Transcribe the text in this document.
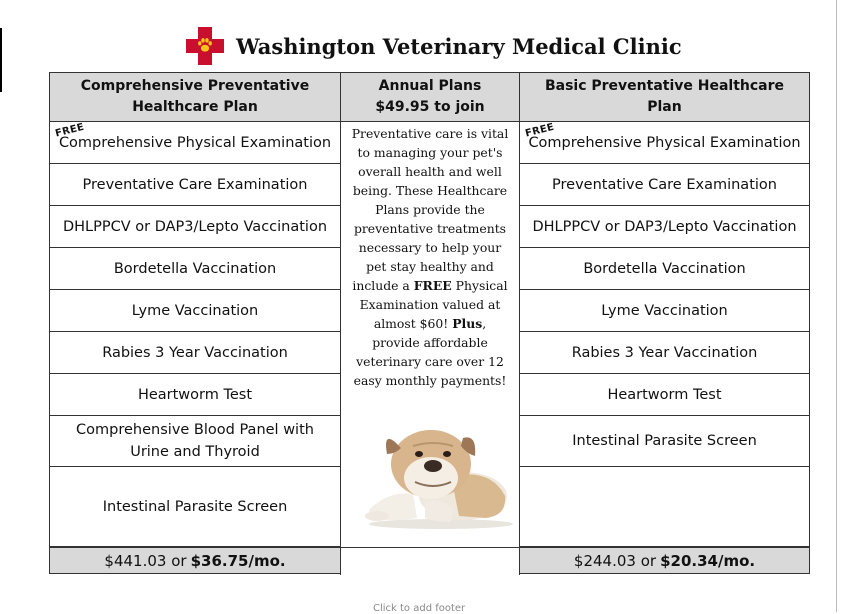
Washington Veterinary Medical Clinic
Comprehensive Preventative Healthcare Plan
FREE
Comprehensive Physical Examination
Preventative Care Examination
DHLPPCV or DAP3/Lepto Vaccination
Bordetella Vaccination
Lyme Vaccination
Rabies 3 Year Vaccination
Heartworm Test
Comprehensive Blood Panel with Urine and Thyroid
Intestinal Parasite Screen
$441.03 or $36.75/mo.
Annual Plans
$49.95 to join
Preventative care is vital to managing your pet's overall health and well being. These Healthcare Plans provide the preventative treatments necessary to help your pet stay healthy and include a FREE Physical Examination valued at almost $60! Plus, provide affordable veterinary care over 12 easy monthly payments!
Basic Preventative Healthcare Plan
FREE
Comprehensive Physical Examination
Preventative Care Examination
DHLPPCV or DAP3/Lepto Vaccination
Bordetella Vaccination
Lyme Vaccination
Rabies 3 Year Vaccination
Heartworm Test
Intestinal Parasite Screen
$244.03 or $20.34/mo.
Click to add footer
